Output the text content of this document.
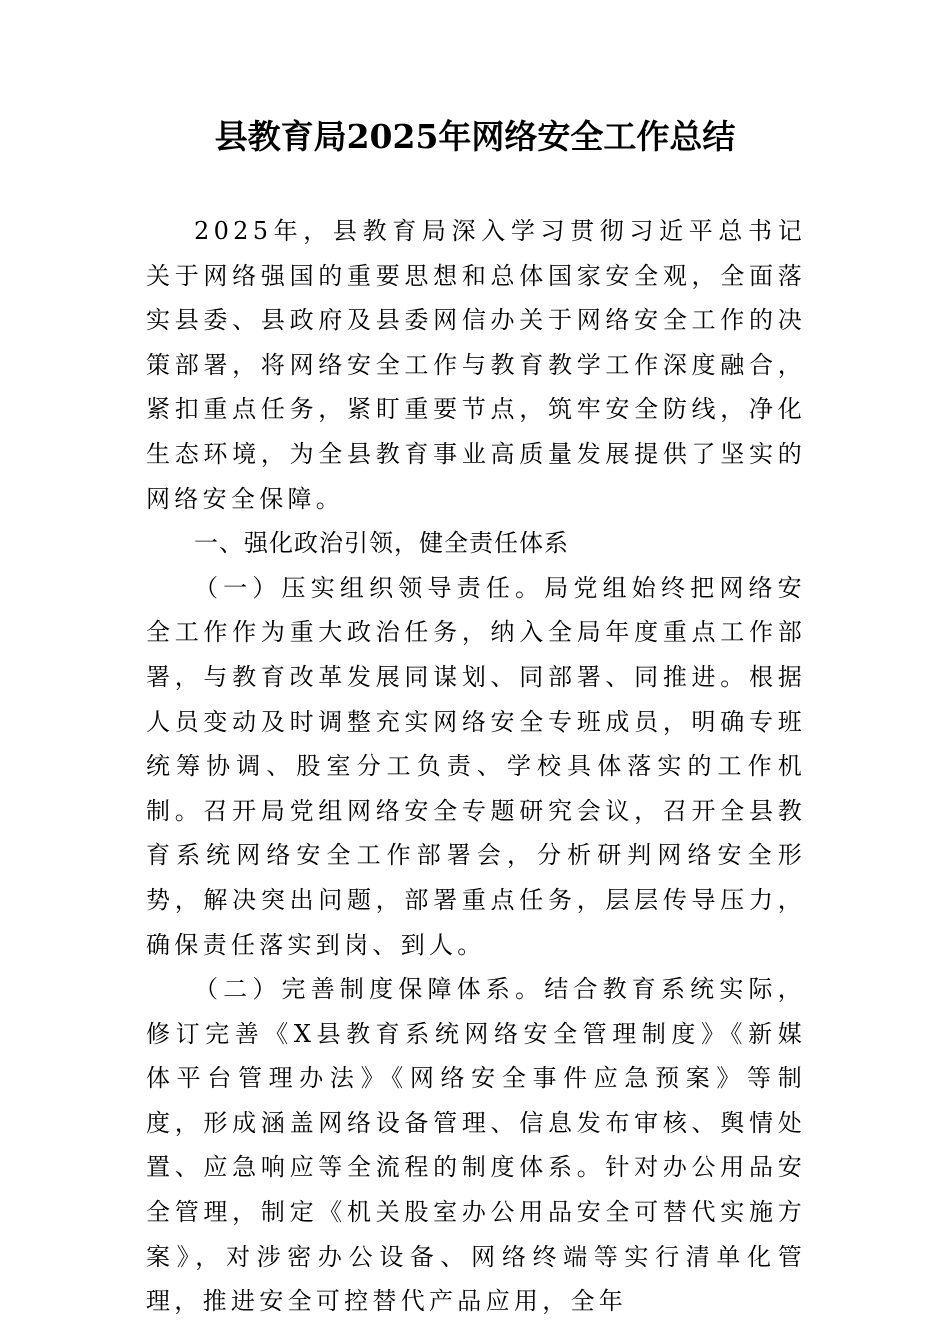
县教育局2025年网络安全工作总结

2025年，县教育局深入学习贯彻习近平总书记关于网络强国的重要思想和总体国家安全观，全面落实县委、县政府及县委网信办关于网络安全工作的决策部署，将网络安全工作与教育教学工作深度融合，紧扣重点任务，紧盯重要节点，筑牢安全防线，净化生态环境，为全县教育事业高质量发展提供了坚实的网络安全保障。

一、强化政治引领，健全责任体系

（一）压实组织领导责任。局党组始终把网络安全工作作为重大政治任务，纳入全局年度重点工作部署，与教育改革发展同谋划、同部署、同推进。根据人员变动及时调整充实网络安全专班成员，明确专班统筹协调、股室分工负责、学校具体落实的工作机制。召开局党组网络安全专题研究会议，召开全县教育系统网络安全工作部署会，分析研判网络安全形势，解决突出问题，部署重点任务，层层传导压力，确保责任落实到岗、到人。

（二）完善制度保障体系。结合教育系统实际，修订完善《X县教育系统网络安全管理制度》《新媒体平台管理办法》《网络安全事件应急预案》等制度，形成涵盖网络设备管理、信息发布审核、舆情处置、应急响应等全流程的制度体系。针对办公用品安全管理，制定《机关股室办公用品安全可替代实施方案》，对涉密办公设备、网络终端等实行清单化管理，推进安全可控替代产品应用，全年
